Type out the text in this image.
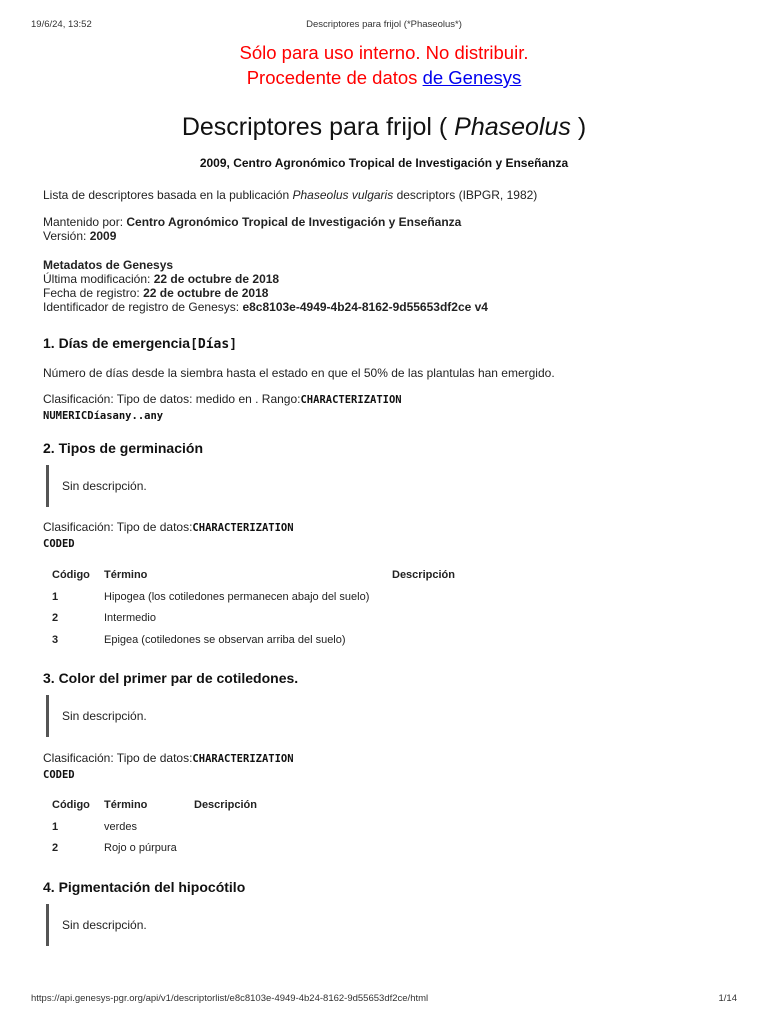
19/6/24, 13:52	Descriptores para frijol (*Phaseolus*)
Sólo para uso interno. No distribuir.
Procedente de datos de Genesys
Descriptores para frijol ( Phaseolus )
2009, Centro Agronómico Tropical de Investigación y Enseñanza
Lista de descriptores basada en la publicación Phaseolus vulgaris descriptors (IBPGR, 1982)
Mantenido por: Centro Agronómico Tropical de Investigación y Enseñanza
Versión: 2009
Metadatos de Genesys
Última modificación: 22 de octubre de 2018
Fecha de registro: 22 de octubre de 2018
Identificador de registro de Genesys: e8c8103e-4949-4b24-8162-9d55653df2ce v4
1. Días de emergencia[Días]
Número de días desde la siembra hasta el estado en que el 50% de las plantulas han emergido.
Clasificación: Tipo de datos: medido en . Rango:CHARACTERIZATION
NUMERICDíasany..any
2. Tipos de germinación
Sin descripción.
Clasificación: Tipo de datos:CHARACTERIZATION
CODED
Código Término	Descripción
1	Hipogea (los cotiledones permanecen abajo del suelo)
2	Intermedio
3	Epigea (cotiledones se observan arriba del suelo)
3. Color del primer par de cotiledones.
Sin descripción.
Clasificación: Tipo de datos:CHARACTERIZATION
CODED
Código Término	Descripción
1	verdes
2	Rojo o púrpura
4. Pigmentación del hipocótilo
Sin descripción.
https://api.genesys-pgr.org/api/v1/descriptorlist/e8c8103e-4949-4b24-8162-9d55653df2ce/html	1/14
